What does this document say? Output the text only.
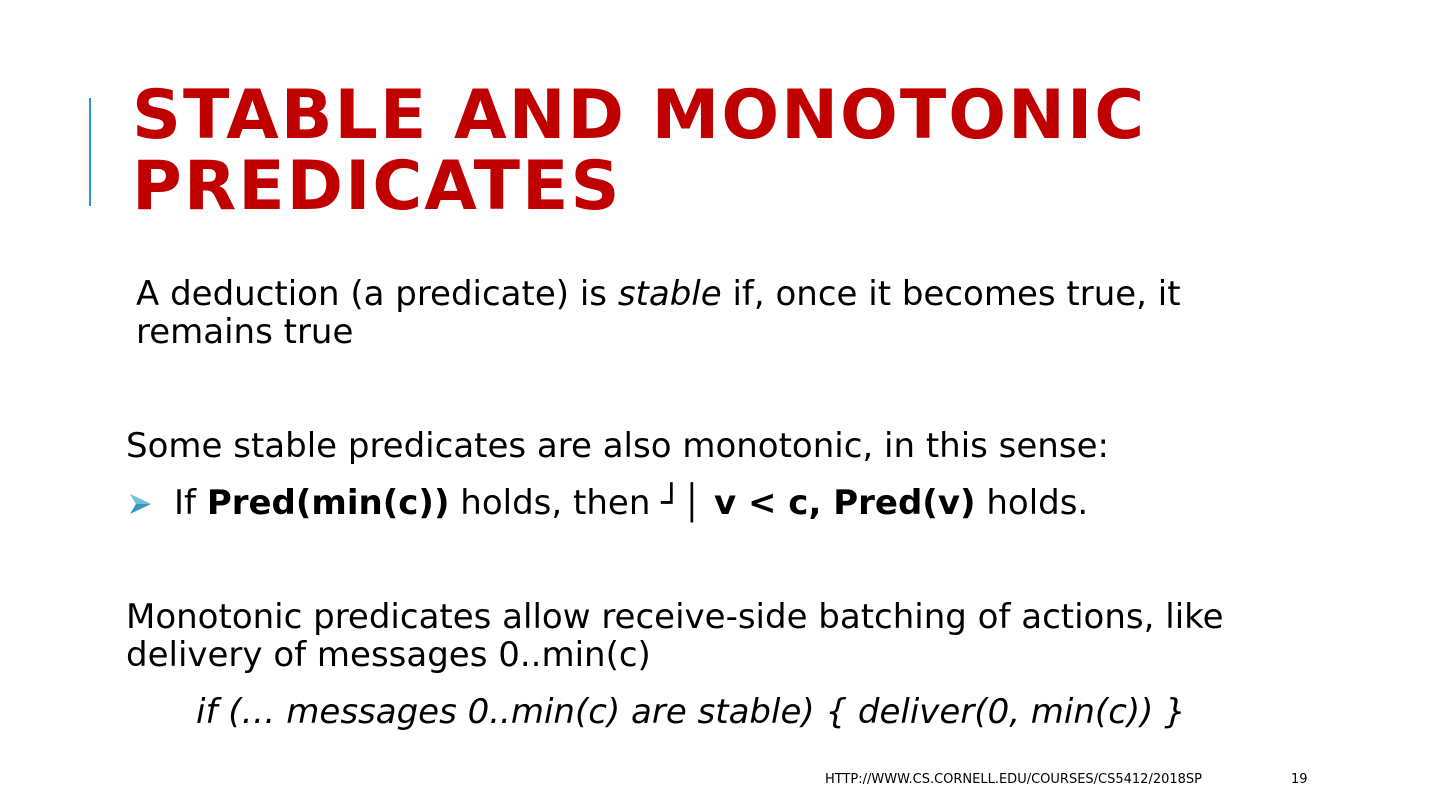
STABLE AND MONOTONIC
PREDICATES
A deduction (a predicate) is stable if, once it becomes true, it remains true
Some stable predicates are also monotonic, in this sense:
If Pred(min(c)) holds, then ┘│ v < c, Pred(v) holds.
Monotonic predicates allow receive-side batching of actions, like delivery of messages 0..min(c)
if (… messages 0..min(c) are stable) { deliver(0, min(c)) }
HTTP://WWW.CS.CORNELL.EDU/COURSES/CS5412/2018SP	19
